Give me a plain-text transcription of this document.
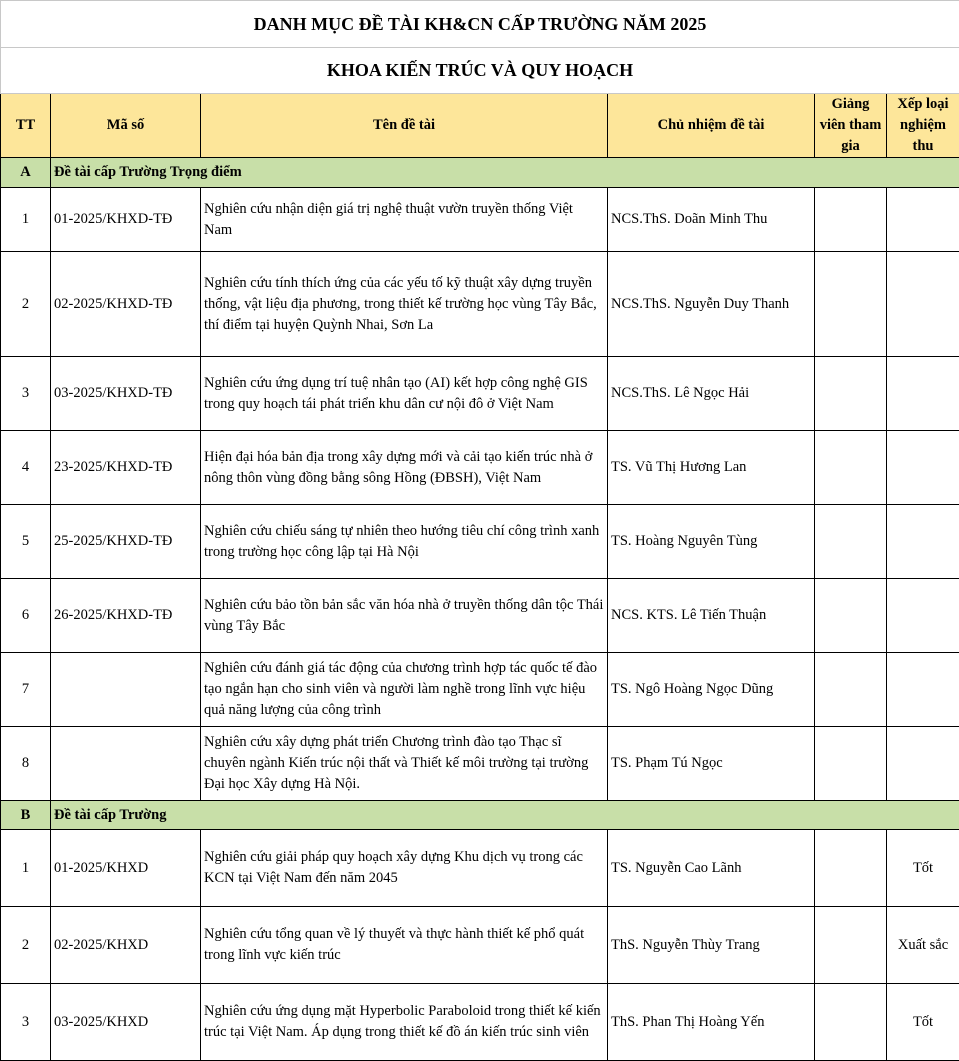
DANH MỤC ĐỀ TÀI KH&CN CẤP TRƯỜNG NĂM 2025					
KHOA KIẾN TRÚC VÀ QUY HOẠCH					
TT	Mã số	Tên đề tài	Chủ nhiệm đề tài	Giảng viên tham gia	Xếp loại nghiệm thu
A	Đề tài cấp Trường Trọng điểm				
1	01-2025/KHXD-TĐ	Nghiên cứu nhận diện giá trị nghệ thuật vườn truyền thống Việt Nam	NCS.ThS. Doãn Minh Thu		
2	02-2025/KHXD-TĐ	Nghiên cứu tính thích ứng của các yếu tố kỹ thuật xây dựng truyền thống, vật liệu địa phương, trong thiết kế trường học vùng Tây Bắc, thí điểm tại huyện Quỳnh Nhai, Sơn La	NCS.ThS. Nguyễn Duy Thanh		
3	03-2025/KHXD-TĐ	Nghiên cứu ứng dụng trí tuệ nhân tạo (AI) kết hợp công nghệ GIS trong quy hoạch tái phát triển khu dân cư nội đô ở Việt Nam	NCS.ThS. Lê Ngọc Hải		
4	23-2025/KHXD-TĐ	Hiện đại hóa bản địa trong xây dựng mới và cải tạo kiến trúc nhà ở nông thôn vùng đồng bằng sông Hồng (ĐBSH), Việt Nam	TS. Vũ Thị Hương Lan		
5	25-2025/KHXD-TĐ	Nghiên cứu chiếu sáng tự nhiên theo hướng tiêu chí công trình xanh trong trường học công lập tại Hà Nội	TS. Hoàng Nguyên Tùng		
6	26-2025/KHXD-TĐ	Nghiên cứu bảo tồn bản sắc văn hóa nhà ở truyền thống dân tộc Thái vùng Tây Bắc	NCS. KTS. Lê Tiến Thuận		
7		Nghiên cứu đánh giá tác động của chương trình hợp tác quốc tế đào tạo ngắn hạn cho sinh viên và người làm nghề trong lĩnh vực hiệu quả năng lượng của công trình	TS. Ngô Hoàng Ngọc Dũng		
8		Nghiên cứu xây dựng phát triển Chương trình đào tạo Thạc sĩ chuyên ngành Kiến trúc nội thất và Thiết kế môi trường tại trường Đại học Xây dựng Hà Nội.	TS. Phạm Tú Ngọc		
B	Đề tài cấp Trường				
1	01-2025/KHXD	Nghiên cứu giải pháp quy hoạch xây dựng Khu dịch vụ trong các KCN tại Việt Nam đến năm 2045	TS. Nguyễn Cao Lãnh		Tốt
2	02-2025/KHXD	Nghiên cứu tổng quan về lý thuyết và thực hành thiết kế phổ quát trong lĩnh vực kiến trúc	ThS. Nguyễn Thùy Trang		Xuất sắc
3	03-2025/KHXD	Nghiên cứu ứng dụng mặt Hyperbolic Paraboloid trong thiết kế kiến trúc tại Việt Nam. Áp dụng trong thiết kế đồ án kiến trúc sinh viên	ThS. Phan Thị Hoàng Yến		Tốt
